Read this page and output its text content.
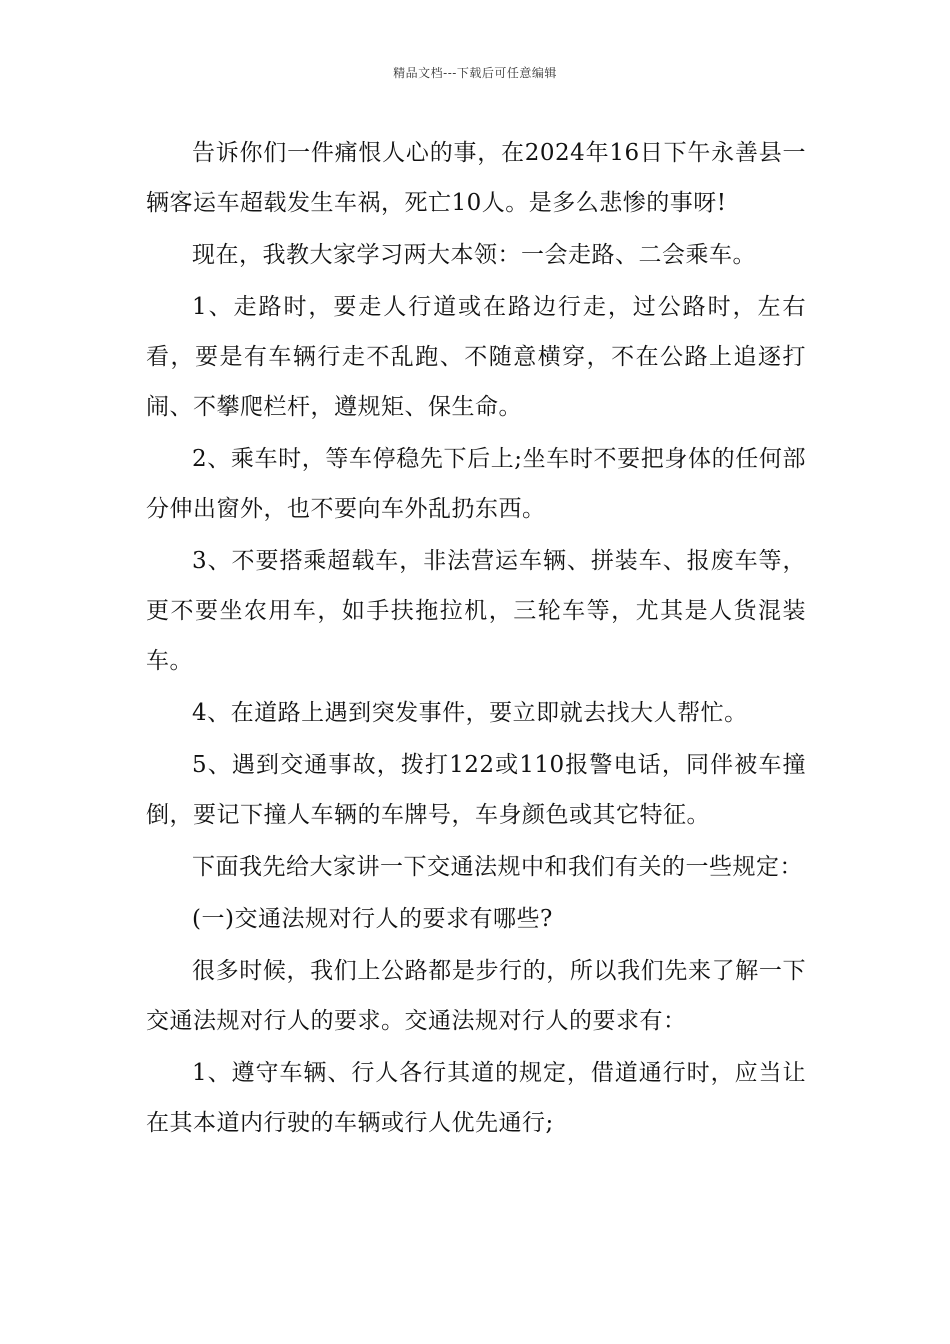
精品文档---下载后可任意编辑

告诉你们一件痛恨人心的事，在2024年16日下午永善县一辆客运车超载发生车祸，死亡10人。是多么悲惨的事呀!

现在，我教大家学习两大本领：一会走路、二会乘车。

1、走路时，要走人行道或在路边行走，过公路时，左右看，要是有车辆行走不乱跑、不随意横穿，不在公路上追逐打闹、不攀爬栏杆，遵规矩、保生命。

2、乘车时，等车停稳先下后上;坐车时不要把身体的任何部分伸出窗外，也不要向车外乱扔东西。

3、不要搭乘超载车，非法营运车辆、拼装车、报废车等，更不要坐农用车，如手扶拖拉机，三轮车等，尤其是人货混装车。

4、在道路上遇到突发事件，要立即就去找大人帮忙。

5、遇到交通事故，拨打122或110报警电话，同伴被车撞倒，要记下撞人车辆的车牌号，车身颜色或其它特征。

下面我先给大家讲一下交通法规中和我们有关的一些规定：

(一)交通法规对行人的要求有哪些?

很多时候，我们上公路都是步行的，所以我们先来了解一下交通法规对行人的要求。交通法规对行人的要求有：

1、遵守车辆、行人各行其道的规定，借道通行时，应当让在其本道内行驶的车辆或行人优先通行;
